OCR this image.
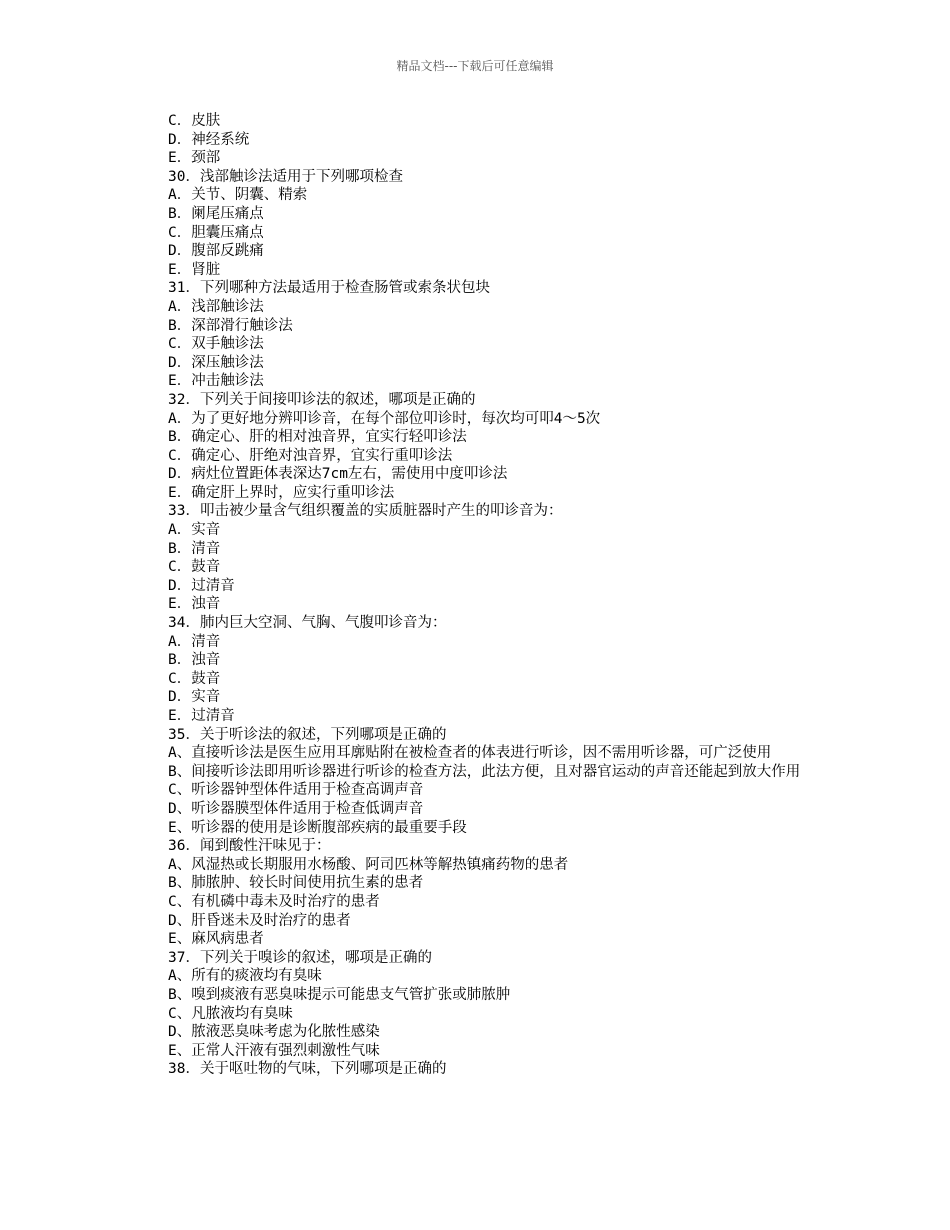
精品文档---下载后可任意编辑
C．皮肤
D．神经系统
E．颈部
30．浅部触诊法适用于下列哪项检查
A．关节、阴囊、精索
B．阑尾压痛点
C．胆囊压痛点
D．腹部反跳痛
E．肾脏
31．下列哪种方法最适用于检查肠管或索条状包块
A．浅部触诊法
B．深部滑行触诊法
C．双手触诊法
D．深压触诊法
E．冲击触诊法
32．下列关于间接叩诊法的叙述，哪项是正确的
A．为了更好地分辨叩诊音，在每个部位叩诊时，每次均可叩4～5次
B．确定心、肝的相对浊音界，宜实行轻叩诊法
C．确定心、肝绝对浊音界，宜实行重叩诊法
D．病灶位置距体表深达7cm左右，需使用中度叩诊法
E．确定肝上界时，应实行重叩诊法
33．叩击被少量含气组织覆盖的实质脏器时产生的叩诊音为：
A．实音
B．清音
C．鼓音
D．过清音
E．浊音
34．肺内巨大空洞、气胸、气腹叩诊音为：
A．清音
B．浊音
C．鼓音
D．实音
E．过清音
35．关于听诊法的叙述，下列哪项是正确的
A、直接听诊法是医生应用耳廓贴附在被检查者的体表进行听诊，因不需用听诊器，可广泛使用
B、间接听诊法即用听诊器进行听诊的检查方法，此法方便，且对器官运动的声音还能起到放大作用
C、听诊器钟型体件适用于检查高调声音
D、听诊器膜型体件适用于检查低调声音
E、听诊器的使用是诊断腹部疾病的最重要手段
36．闻到酸性汗味见于：
A、风湿热或长期服用水杨酸、阿司匹林等解热镇痛药物的患者
B、肺脓肿、较长时间使用抗生素的患者
C、有机磷中毒未及时治疗的患者
D、肝昏迷未及时治疗的患者
E、麻风病患者
37．下列关于嗅诊的叙述，哪项是正确的
A、所有的痰液均有臭味
B、嗅到痰液有恶臭味提示可能患支气管扩张或肺脓肿
C、凡脓液均有臭味
D、脓液恶臭味考虑为化脓性感染
E、正常人汗液有强烈刺激性气味
38．关于呕吐物的气味，下列哪项是正确的
